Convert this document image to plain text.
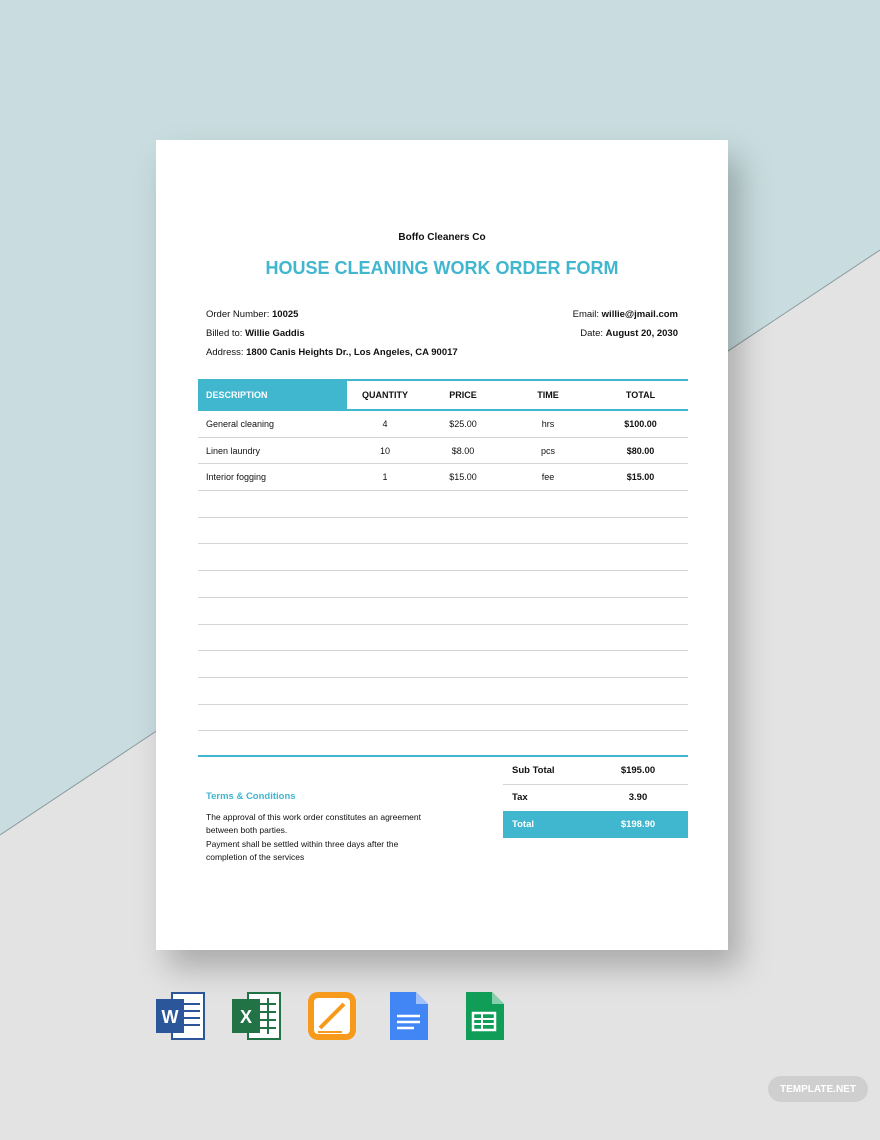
Boffo Cleaners Co
HOUSE CLEANING WORK ORDER FORM
Order Number: 10025
Billed to: Willie Gaddis
Address: 1800 Canis Heights Dr., Los Angeles, CA 90017
Email: willie@jmail.com
Date: August 20, 2030
DESCRIPTION	QUANTITY	PRICE	TIME	TOTAL
General cleaning	4	$25.00	hrs	$100.00
Linen laundry	10	$8.00	pcs	$80.00
Interior fogging	1	$15.00	fee	$15.00
Sub Total	$195.00
Tax	3.90
Total	$198.90
Terms & Conditions
The approval of this work order constitutes an agreement between both parties.
Payment shall be settled within three days after the completion of the services
W	X
TEMPLATE.NET
